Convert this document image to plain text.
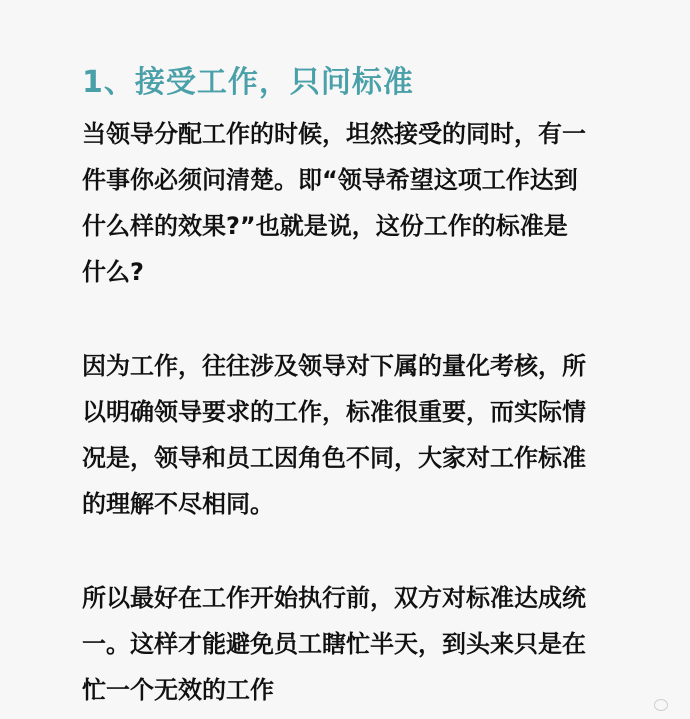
1、接受工作，只问标准

当领导分配工作的时候，坦然接受的同时，有一
件事你必须问清楚。即“领导希望这项工作达到
什么样的效果?”也就是说，这份工作的标准是
什么?

因为工作，往往涉及领导对下属的量化考核，所
以明确领导要求的工作，标准很重要，而实际情
况是，领导和员工因角色不同，大家对工作标准
的理解不尽相同。

所以最好在工作开始执行前，双方对标准达成统
一。这样才能避免员工瞎忙半天，到头来只是在
忙一个无效的工作
